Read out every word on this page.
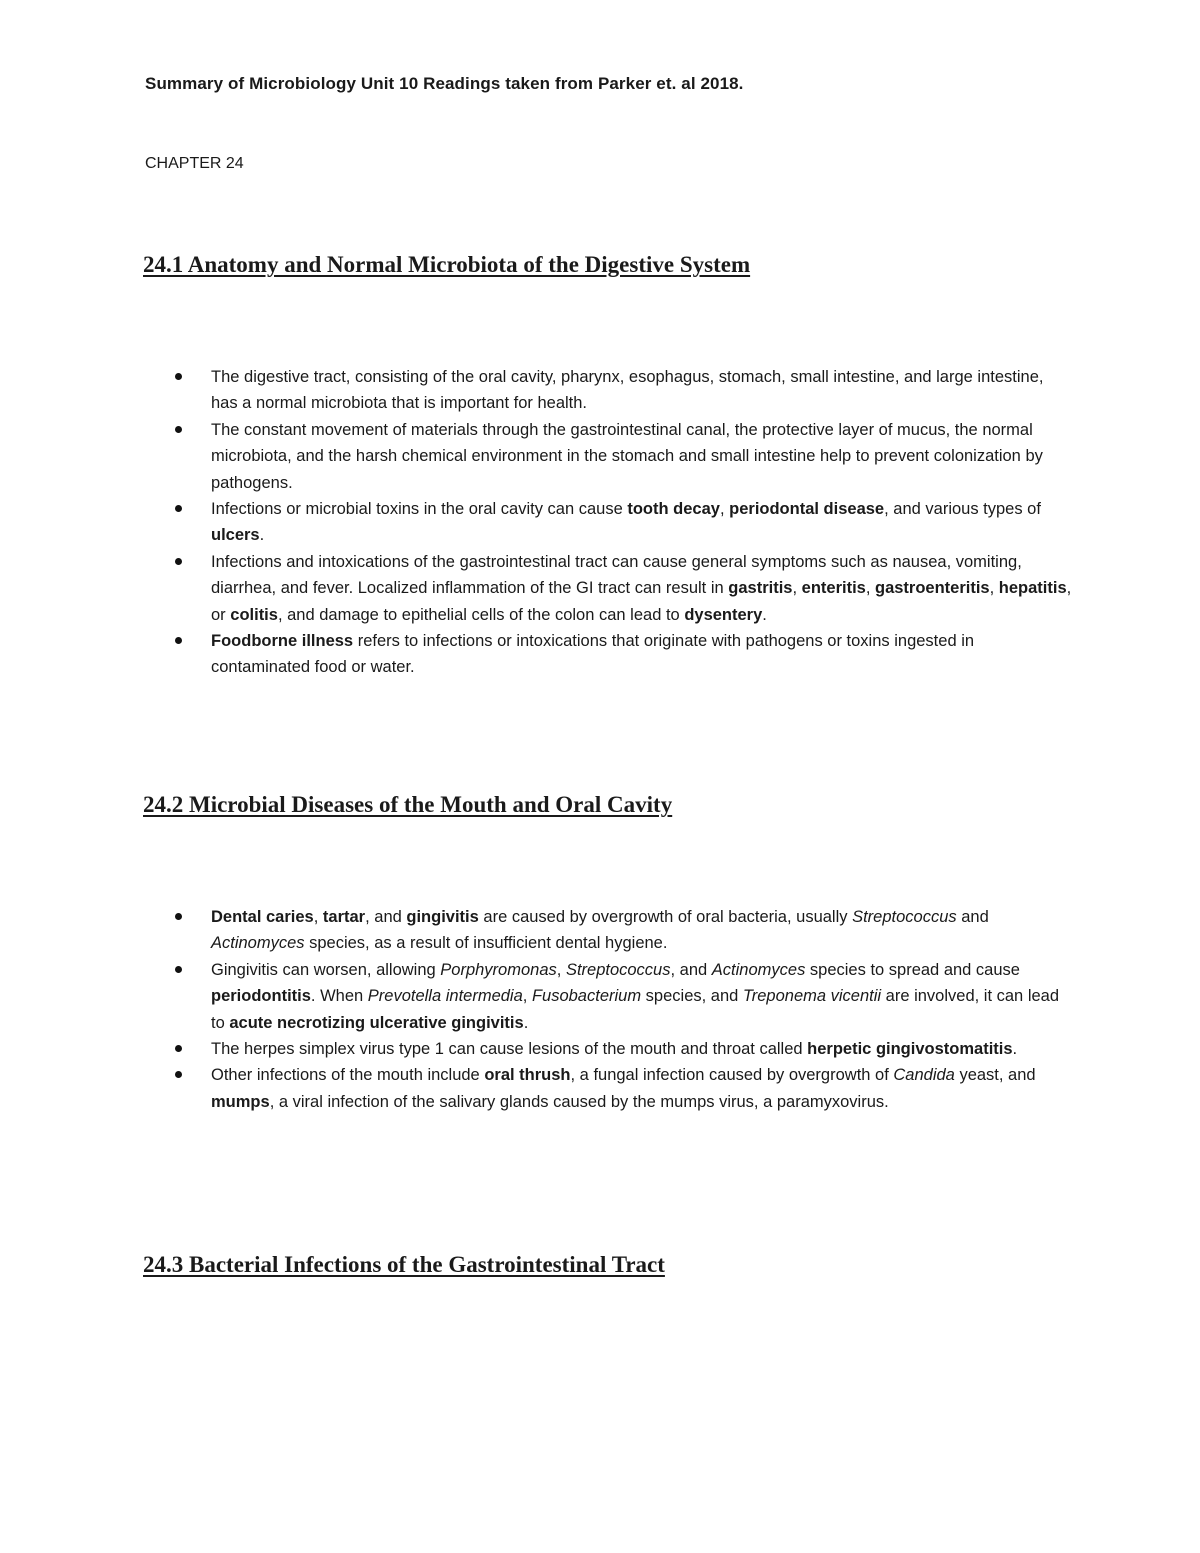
Summary of Microbiology Unit 10 Readings taken from Parker et. al 2018.

CHAPTER 24

24.1 Anatomy and Normal Microbiota of the Digestive System
The digestive tract, consisting of the oral cavity, pharynx, esophagus, stomach, small intestine, and large intestine, has a normal microbiota that is important for health.
The constant movement of materials through the gastrointestinal canal, the protective layer of mucus, the normal microbiota, and the harsh chemical environment in the stomach and small intestine help to prevent colonization by pathogens.
Infections or microbial toxins in the oral cavity can cause tooth decay, periodontal disease, and various types of ulcers.
Infections and intoxications of the gastrointestinal tract can cause general symptoms such as nausea, vomiting, diarrhea, and fever. Localized inflammation of the GI tract can result in gastritis, enteritis, gastroenteritis, hepatitis, or colitis, and damage to epithelial cells of the colon can lead to dysentery.
Foodborne illness refers to infections or intoxications that originate with pathogens or toxins ingested in contaminated food or water.
24.2 Microbial Diseases of the Mouth and Oral Cavity
Dental caries, tartar, and gingivitis are caused by overgrowth of oral bacteria, usually Streptococcus and Actinomyces species, as a result of insufficient dental hygiene.
Gingivitis can worsen, allowing Porphyromonas, Streptococcus, and Actinomyces species to spread and cause periodontitis. When Prevotella intermedia, Fusobacterium species, and Treponema vicentii are involved, it can lead to acute necrotizing ulcerative gingivitis.
The herpes simplex virus type 1 can cause lesions of the mouth and throat called herpetic gingivostomatitis.
Other infections of the mouth include oral thrush, a fungal infection caused by overgrowth of Candida yeast, and mumps, a viral infection of the salivary glands caused by the mumps virus, a paramyxovirus.
24.3 Bacterial Infections of the Gastrointestinal Tract
